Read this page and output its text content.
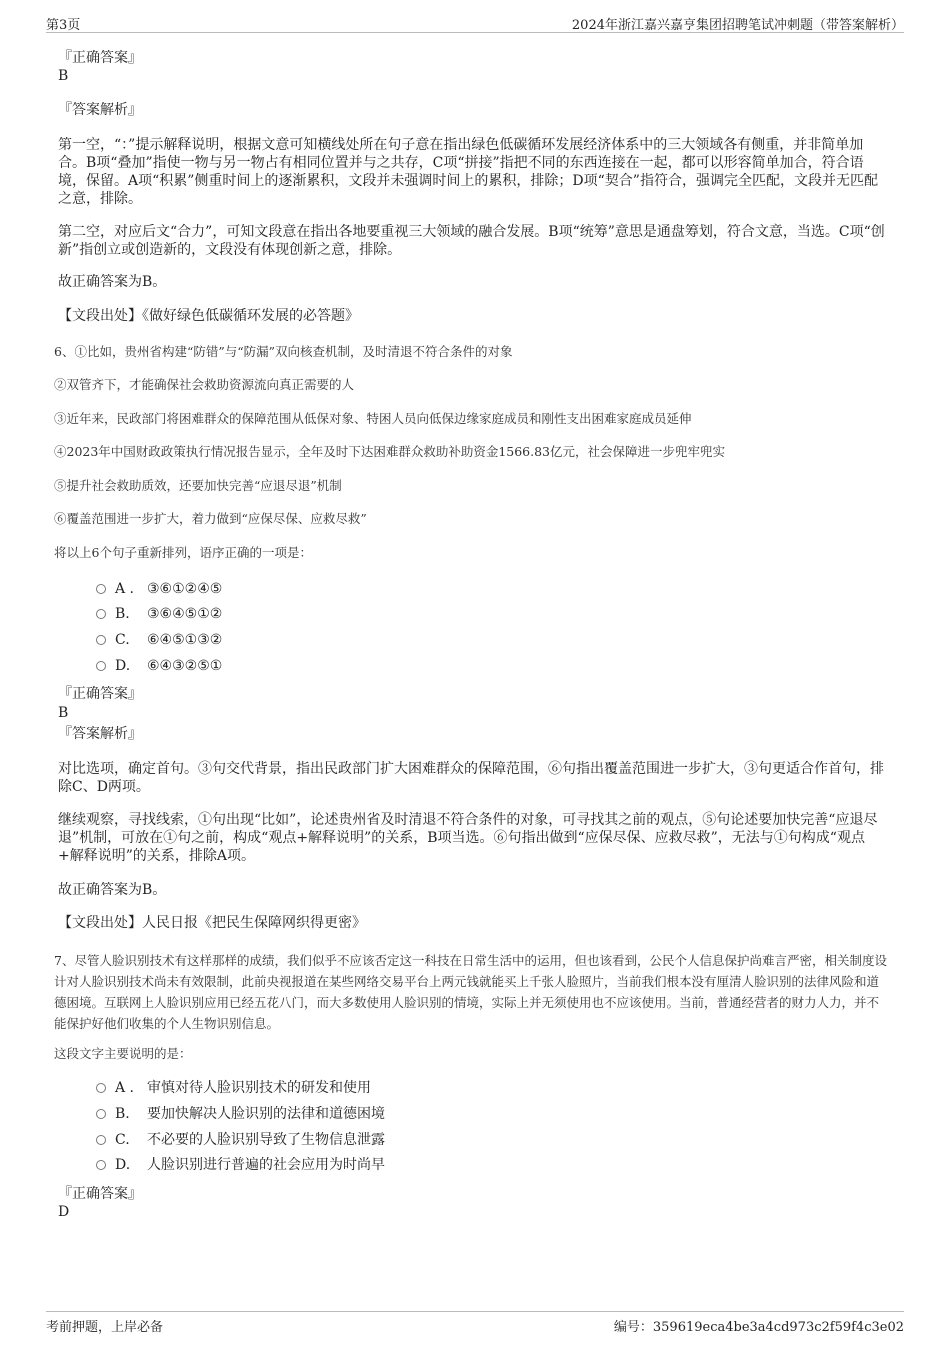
第3页	2024年浙江嘉兴嘉亨集团招聘笔试冲刺题（带答案解析）
『正确答案』
B
『答案解析』

第一空，“：”提示解释说明，根据文意可知横线处所在句子意在指出绿色低碳循环发展经济体系中的三大领域各有侧重，并非简单加合。B项“叠加”指使一物与另一物占有相同位置并与之共存，C项“拼接”指把不同的东西连接在一起，都可以形容简单加合，符合语境，保留。A项“积累”侧重时间上的逐渐累积，文段并未强调时间上的累积，排除；D项“契合”指符合，强调完全匹配，文段并无匹配之意，排除。

第二空，对应后文“合力”，可知文段意在指出各地要重视三大领域的融合发展。B项“统筹”意思是通盘筹划，符合文意，当选。C项“创新”指创立或创造新的，文段没有体现创新之意，排除。

故正确答案为B。

【文段出处】《做好绿色低碳循环发展的必答题》

6、①比如，贵州省构建“防错”与“防漏”双向核查机制，及时清退不符合条件的对象

②双管齐下，才能确保社会救助资源流向真正需要的人

③近年来，民政部门将困难群众的保障范围从低保对象、特困人员向低保边缘家庭成员和刚性支出困难家庭成员延伸

④2023年中国财政政策执行情况报告显示，全年及时下达困难群众救助补助资金1566.83亿元，社会保障进一步兜牢兜实

⑤提升社会救助质效，还要加快完善“应退尽退”机制

⑥覆盖范围进一步扩大，着力做到“应保尽保、应救尽救”

将以上6个句子重新排列，语序正确的一项是：

A . ③⑥①②④⑤
B. ③⑥④⑤①②
C. ⑥④⑤①③②
D. ⑥④③②⑤①
『正确答案』
B
『答案解析』

对比选项，确定首句。③句交代背景，指出民政部门扩大困难群众的保障范围，⑥句指出覆盖范围进一步扩大，③句更适合作首句，排除C、D两项。

继续观察，寻找线索，①句出现“比如”，论述贵州省及时清退不符合条件的对象，可寻找其之前的观点，⑤句论述要加快完善“应退尽退”机制，可放在①句之前，构成“观点+解释说明”的关系，B项当选。⑥句指出做到“应保尽保、应救尽救”，无法与①句构成“观点+解释说明”的关系，排除A项。

故正确答案为B。

【文段出处】人民日报《把民生保障网织得更密》

7、尽管人脸识别技术有这样那样的成绩，我们似乎不应该否定这一科技在日常生活中的运用，但也该看到，公民个人信息保护尚难言严密，相关制度设计对人脸识别技术尚未有效限制，此前央视报道在某些网络交易平台上两元钱就能买上千张人脸照片，当前我们根本没有厘清人脸识别的法律风险和道德困境。互联网上人脸识别应用已经五花八门，而大多数使用人脸识别的情境，实际上并无须使用也不应该使用。当前，普通经营者的财力人力，并不能保护好他们收集的个人生物识别信息。

这段文字主要说明的是：

A . 审慎对待人脸识别技术的研发和使用
B. 要加快解决人脸识别的法律和道德困境
C. 不必要的人脸识别导致了生物信息泄露
D. 人脸识别进行普遍的社会应用为时尚早
『正确答案』
D
考前押题，上岸必备	编号：359619eca4be3a4cd973c2f59f4c3e02
